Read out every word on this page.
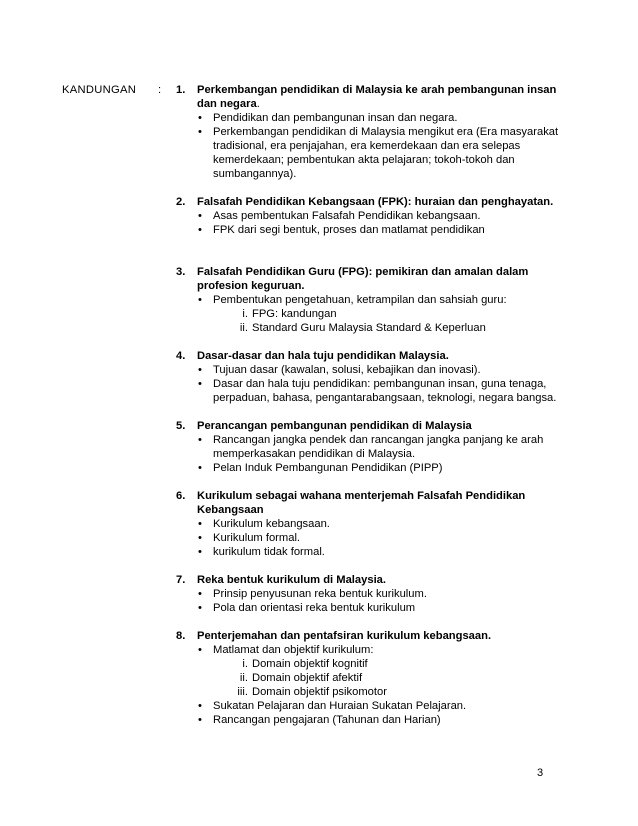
KANDUNGAN : 1. Perkembangan pendidikan di Malaysia ke arah pembangunan insan dan negara.
• Pendidikan dan pembangunan insan dan negara.
• Perkembangan pendidikan di Malaysia mengikut era (Era masyarakat tradisional, era penjajahan, era kemerdekaan dan era selepas kemerdekaan; pembentukan akta pelajaran; tokoh-tokoh dan sumbangannya).
2. Falsafah Pendidikan Kebangsaan (FPK): huraian dan penghayatan.
• Asas pembentukan Falsafah Pendidikan kebangsaan.
• FPK dari segi bentuk, proses dan matlamat pendidikan
3. Falsafah Pendidikan Guru (FPG): pemikiran dan amalan dalam profesion keguruan.
• Pembentukan pengetahuan, ketrampilan dan sahsiah guru:
i. FPG: kandungan
ii. Standard Guru Malaysia Standard & Keperluan
4. Dasar-dasar dan hala tuju pendidikan Malaysia.
• Tujuan dasar (kawalan, solusi, kebajikan dan inovasi).
• Dasar dan hala tuju pendidikan: pembangunan insan, guna tenaga, perpaduan, bahasa, pengantarabangsaan, teknologi, negara bangsa.
5. Perancangan pembangunan pendidikan di Malaysia
• Rancangan jangka pendek dan rancangan jangka panjang ke arah memperkasakan pendidikan di Malaysia.
• Pelan Induk Pembangunan Pendidikan (PIPP)
6. Kurikulum sebagai wahana menterjemah Falsafah Pendidikan Kebangsaan
• Kurikulum kebangsaan.
• Kurikulum formal.
• kurikulum tidak formal.
7. Reka bentuk kurikulum di Malaysia.
• Prinsip penyusunan reka bentuk kurikulum.
• Pola dan orientasi reka bentuk kurikulum
8. Penterjemahan dan pentafsiran kurikulum kebangsaan.
• Matlamat dan objektif kurikulum:
i. Domain objektif kognitif
ii. Domain objektif afektif
iii. Domain objektif psikomotor
• Sukatan Pelajaran dan Huraian Sukatan Pelajaran.
• Rancangan pengajaran (Tahunan dan Harian)
3
